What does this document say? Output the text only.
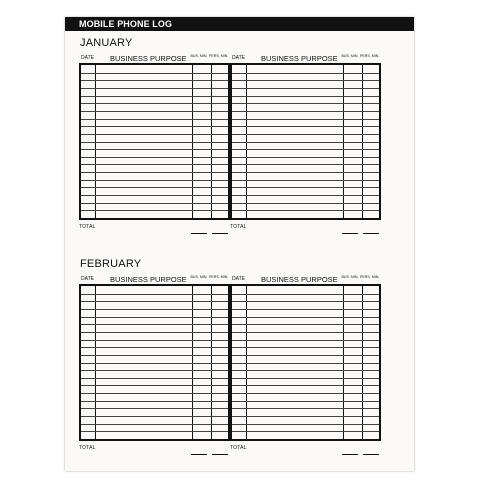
MOBILE PHONE LOG
JANUARY
DATE BUSINESS PURPOSE BUS. MIN. PERS. MIN.
TOTAL
DATE BUSINESS PURPOSE BUS. MIN. PERS. MIN.
TOTAL
FEBRUARY
DATE BUSINESS PURPOSE BUS. MIN. PERS. MIN.
TOTAL
DATE BUSINESS PURPOSE BUS. MIN. PERS. MIN.
TOTAL
